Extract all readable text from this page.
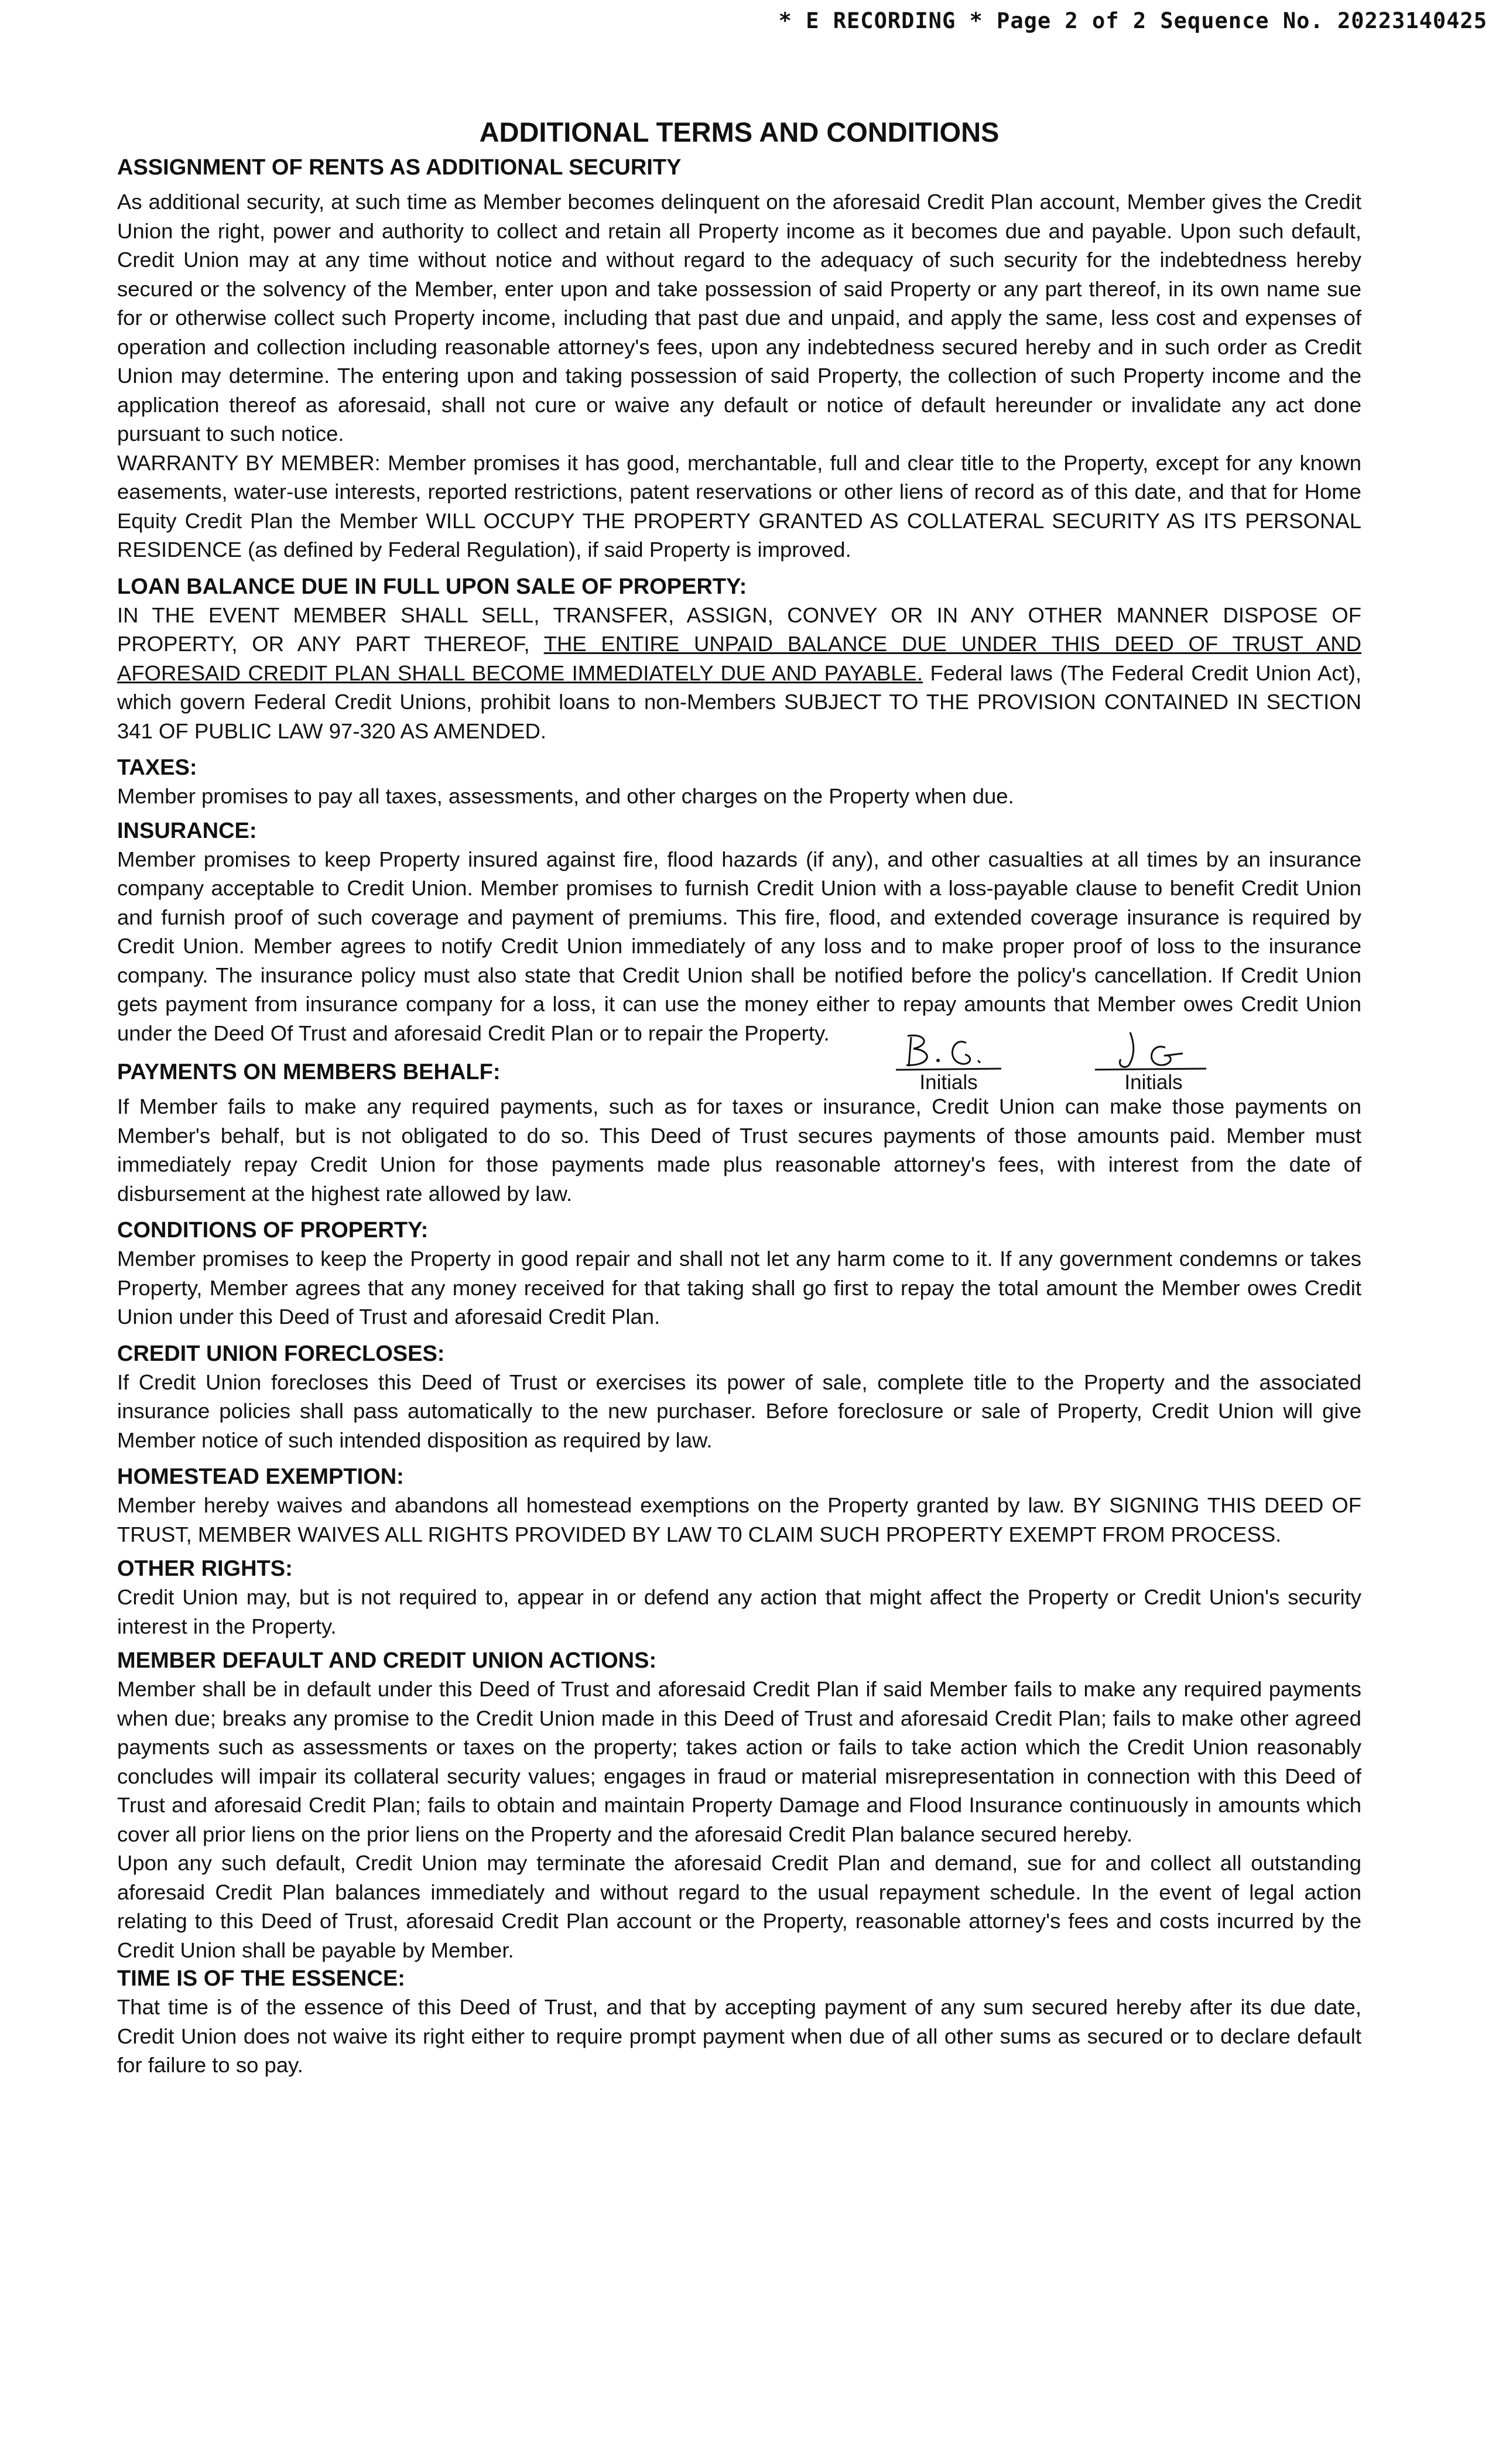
* E RECORDING * Page 2 of 2 Sequence No. 20223140425
ADDITIONAL TERMS AND CONDITIONS
ASSIGNMENT OF RENTS AS ADDITIONAL SECURITY

As additional security, at such time as Member becomes delinquent on the aforesaid Credit Plan account, Member gives the Credit Union the right, power and authority to collect and retain all Property income as it becomes due and payable. Upon such default, Credit Union may at any time without notice and without regard to the adequacy of such security for the indebtedness hereby secured or the solvency of the Member, enter upon and take possession of said Property or any part thereof, in its own name sue for or otherwise collect such Property income, including that past due and unpaid, and apply the same, less cost and expenses of operation and collection including reasonable attorney's fees, upon any indebtedness secured hereby and in such order as Credit Union may determine. The entering upon and taking possession of said Property, the collection of such Property income and the application thereof as aforesaid, shall not cure or waive any default or notice of default hereunder or invalidate any act done pursuant to such notice.

WARRANTY BY MEMBER: Member promises it has good, merchantable, full and clear title to the Property, except for any known easements, water-use interests, reported restrictions, patent reservations or other liens of record as of this date, and that for Home Equity Credit Plan the Member WILL OCCUPY THE PROPERTY GRANTED AS COLLATERAL SECURITY AS ITS PERSONAL RESIDENCE (as defined by Federal Regulation), if said Property is improved.

LOAN BALANCE DUE IN FULL UPON SALE OF PROPERTY:

IN THE EVENT MEMBER SHALL SELL, TRANSFER, ASSIGN, CONVEY OR IN ANY OTHER MANNER DISPOSE OF PROPERTY, OR ANY PART THEREOF, THE ENTIRE UNPAID BALANCE DUE UNDER THIS DEED OF TRUST AND AFORESAID CREDIT PLAN SHALL BECOME IMMEDIATELY DUE AND PAYABLE. Federal laws (The Federal Credit Union Act), which govern Federal Credit Unions, prohibit loans to non-Members SUBJECT TO THE PROVISION CONTAINED IN SECTION 341 OF PUBLIC LAW 97-320 AS AMENDED.

TAXES:

Member promises to pay all taxes, assessments, and other charges on the Property when due.

INSURANCE:

Member promises to keep Property insured against fire, flood hazards (if any), and other casualties at all times by an insurance company acceptable to Credit Union. Member promises to furnish Credit Union with a loss-payable clause to benefit Credit Union and furnish proof of such coverage and payment of premiums. This fire, flood, and extended coverage insurance is required by Credit Union. Member agrees to notify Credit Union immediately of any loss and to make proper proof of loss to the insurance company. The insurance policy must also state that Credit Union shall be notified before the policy's cancellation. If Credit Union gets payment from insurance company for a loss, it can use the money either to repay amounts that Member owes Credit Union under the Deed Of Trust and aforesaid Credit Plan or to repair the Property.

PAYMENTS ON MEMBERS BEHALF:	Initials	Initials

If Member fails to make any required payments, such as for taxes or insurance, Credit Union can make those payments on Member's behalf, but is not obligated to do so. This Deed of Trust secures payments of those amounts paid. Member must immediately repay Credit Union for those payments made plus reasonable attorney's fees, with interest from the date of disbursement at the highest rate allowed by law.

CONDITIONS OF PROPERTY:

Member promises to keep the Property in good repair and shall not let any harm come to it. If any government condemns or takes Property, Member agrees that any money received for that taking shall go first to repay the total amount the Member owes Credit Union under this Deed of Trust and aforesaid Credit Plan.

CREDIT UNION FORECLOSES:

If Credit Union forecloses this Deed of Trust or exercises its power of sale, complete title to the Property and the associated insurance policies shall pass automatically to the new purchaser. Before foreclosure or sale of Property, Credit Union will give Member notice of such intended disposition as required by law.

HOMESTEAD EXEMPTION:

Member hereby waives and abandons all homestead exemptions on the Property granted by law. BY SIGNING THIS DEED OF TRUST, MEMBER WAIVES ALL RIGHTS PROVIDED BY LAW T0 CLAIM SUCH PROPERTY EXEMPT FROM PROCESS.

OTHER RIGHTS:

Credit Union may, but is not required to, appear in or defend any action that might affect the Property or Credit Union's security interest in the Property.

MEMBER DEFAULT AND CREDIT UNION ACTIONS:

Member shall be in default under this Deed of Trust and aforesaid Credit Plan if said Member fails to make any required payments when due; breaks any promise to the Credit Union made in this Deed of Trust and aforesaid Credit Plan; fails to make other agreed payments such as assessments or taxes on the property; takes action or fails to take action which the Credit Union reasonably concludes will impair its collateral security values; engages in fraud or material misrepresentation in connection with this Deed of Trust and aforesaid Credit Plan; fails to obtain and maintain Property Damage and Flood Insurance continuously in amounts which cover all prior liens on the prior liens on the Property and the aforesaid Credit Plan balance secured hereby.

Upon any such default, Credit Union may terminate the aforesaid Credit Plan and demand, sue for and collect all outstanding aforesaid Credit Plan balances immediately and without regard to the usual repayment schedule. In the event of legal action relating to this Deed of Trust, aforesaid Credit Plan account or the Property, reasonable attorney's fees and costs incurred by the Credit Union shall be payable by Member.

TIME IS OF THE ESSENCE:

That time is of the essence of this Deed of Trust, and that by accepting payment of any sum secured hereby after its due date, Credit Union does not waive its right either to require prompt payment when due of all other sums as secured or to declare default for failure to so pay.
